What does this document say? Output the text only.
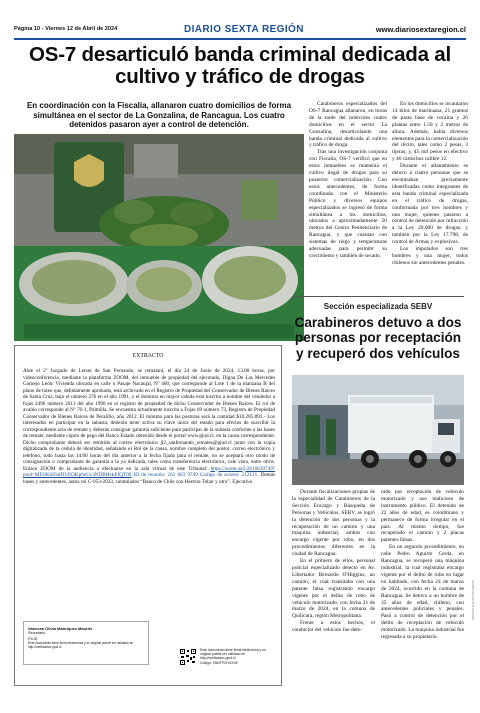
Página 10 - Viernes 12 de Abril de 2024	DIARIO SEXTA REGIÓN	www.diariosextaregion.cl
OS-7 desarticuló banda criminal dedicada al cultivo y tráfico de drogas

En coordinación con la Fiscalía, allanaron cuatro domicilios de forma simultánea en el sector de La Gonzalina, de Rancagua. Los cuatro detenidos pasaron ayer a control de detención.

Carabineros especializados del OS-7 Rancagua allanaron, en horas de la tarde del miércoles cuatro domicilios en el sector La Gonzalina, desarticulando una banda criminal dedicada al cultivo y tráfico de droga.

Tras una investigación conjunta con Fiscalía, OS-7 verificó que en estos inmuebles se mantenía el cultivo ilegal de drogas para su posterior comercialización. Con estos antecedentes, de forma coordinada con el Ministerio Público y diversos equipos especializados se ingresó de forma simultánea a los domicilios, ubicados a aproximadamente 50 metros del Centro Penitenciario de Rancagua, y que cuentan con sistemas de riego y temperaturas adecuadas para permitir su crecimiento y también de secado.

En los domicilios se incautaron 14 kilos de marihuana, 21 gramos de pasta base de cocaína y 26 plantas entre 1.50 y 2 metros de altura. Además, había diversos elementos para la comercialización del ilícito, tales como 2 pesas, 3 tijeras; y, 45 mil pesos en efectivo y 46 cartuchos calibre 12.

Durante el allanamiento se detuvo a cuatro personas que se encontraban previamente identificadas como integrantes de esta banda criminal especializada en el tráfico de drogas, conformada por tres hombres y una mujer, quienes pasaron a control de detención por infracción a la Ley 20.000 de drogas; y también por la Ley 17.798, de control de Armas y explosivos.

Los imputados son tres hombres y una mujer, todos chilenos sin antecedentes penales.

EXTRACTO
Ante el 2º Juzgado de Letras de San Fernando, se rematará, el día 24 de Junio de 2024, 13.00 horas, por videoconferencia, mediante la plataforma ZOOM, del inmueble de propiedad del ejecutado, Dígna De Las Mercedes Cornejo León: Vivienda ubicada en calle o Pasaje Nacaujal, Nº 400, que corresponde al Lote 1 de la manzana B del plano de loteo que, debidamente aprobado, está archivado en el Registro de Propiedad del Conservador de Bienes Raíces de Santa Cruz, bajo el número 276 en el año 1991, y el dominio en mayor cabida está inscrito a nombre del vendedor a fojas 2496 número 2013 del año 1990 en el registro de propiedad de dicho Conservador de Bienes Raíces. El rol de avalúo corresponde al Nº 76-1, Palmilla. Se encuentra actualmente inscrita a Fojas 69 número 73, Registro de Propiedad Conservador de Bienes Raíces de Peralillo, año 2012. El mínimo para las posturas será la cantidad $10.285.891.- Los interesados en participar en la subasta, deberán tener activa su clave única del estado para efectos de suscribir la correspondiente acta de remate y deberán consignar garantía suficiente para participar de la subasta conforme a las bases de remate, mediante cupón de pago del Banco Estado obtenido desde el portal www.pjud.cl, en la causa correspondiente. Dicho comprobante deberá ser remitido al correo electrónico jl2_sanfernando_remates@pjud.cl junto con la copia digitalizada de la cédula de identidad, señalando el Rol de la causa, nombre completo del postor, correo electrónico y teléfono, todo hasta las 14:00 horas del día anterior a la fecha fijada para el remate, no se aceptará otro modo de consignación o comprobante de garantía a la ya indicada, tales como transferencia electrónica, vale vista, entre otros. Enlace ZOOM de la audiencia a efectuarse en la sala virtual de este Tribunal: https://zoom.us/j/2616639749?pwd=MFlJK0ZhdDVEOKp6eUc3NDBHckFJQT09 ID de reunión: 261 663 9749 Código de acceso: 212121. Demás bases y antecedentes, autos rol C-953-2023, caratulados “Banco de Chile con Herrera Tobar y otro”. Ejecutivo.
Vanessa Olivia Manríquez Mauriér
Secretario
PJUD
Este documento tiene firma electrónica y su original puede ser validado en http://verificadoc.pjud.cl
Este documento tiene firma electrónica y su original puede ser validado en http://verificadoc.pjud.cl
Código: XNNTPXHXXXE
Sección especializada SEBV
Carabineros detuvo a dos personas por receptación y recuperó dos vehículos

Durante fiscalizaciones propias de la especialidad de Carabineros de la Sección Encargo y Búsqueda de Personas y Vehículos, SEBV, se logró la detención de dos personas y la recuperación de un camión y una máquina industrial, ambos con encargo vigente por robo, en dos procedimientos diferentes en la ciudad de Rancagua.

En el primero de ellos, personal policial especializado detectó en Av. Libertador Bernardo O'Higgins, un camión, el cual transitaba con una patente falsa registrando encargo vigente por el delito de robo de vehículo motorizado, con fecha 21 de marzo de 2024, en la comuna de Quilicura, región Metropolitana.

Frente a estos hechos, el conductor del vehículo fue dete-

nido por receptación de vehículo motorizado y uso malicioso de instrumento público. El detenido de 22 años de edad, es colombiano y permanece de forma irregular en el país. Al mismo tiempo, fue recuperado el camión y 2 placas patentes falsas.

En un segundo procedimiento, en calle Pedro Aguirre Cerda, en Rancagua, se recuperó una máquina industrial, la cual registraba encargo vigente por el delito de robo en lugar no habitado, con fecha 24 de marzo de 2024, ocurrido en la comuna de Rancagua. Se detuvo a un hombre de 35 años de edad, chileno, con antecedentes policiales y penales. Pasó a control de detención por el delito de receptación de vehículo motorizado. La máquina industrial fue regresada a su propietario.

FIRMADO ELECTRÓNICAMENTE
